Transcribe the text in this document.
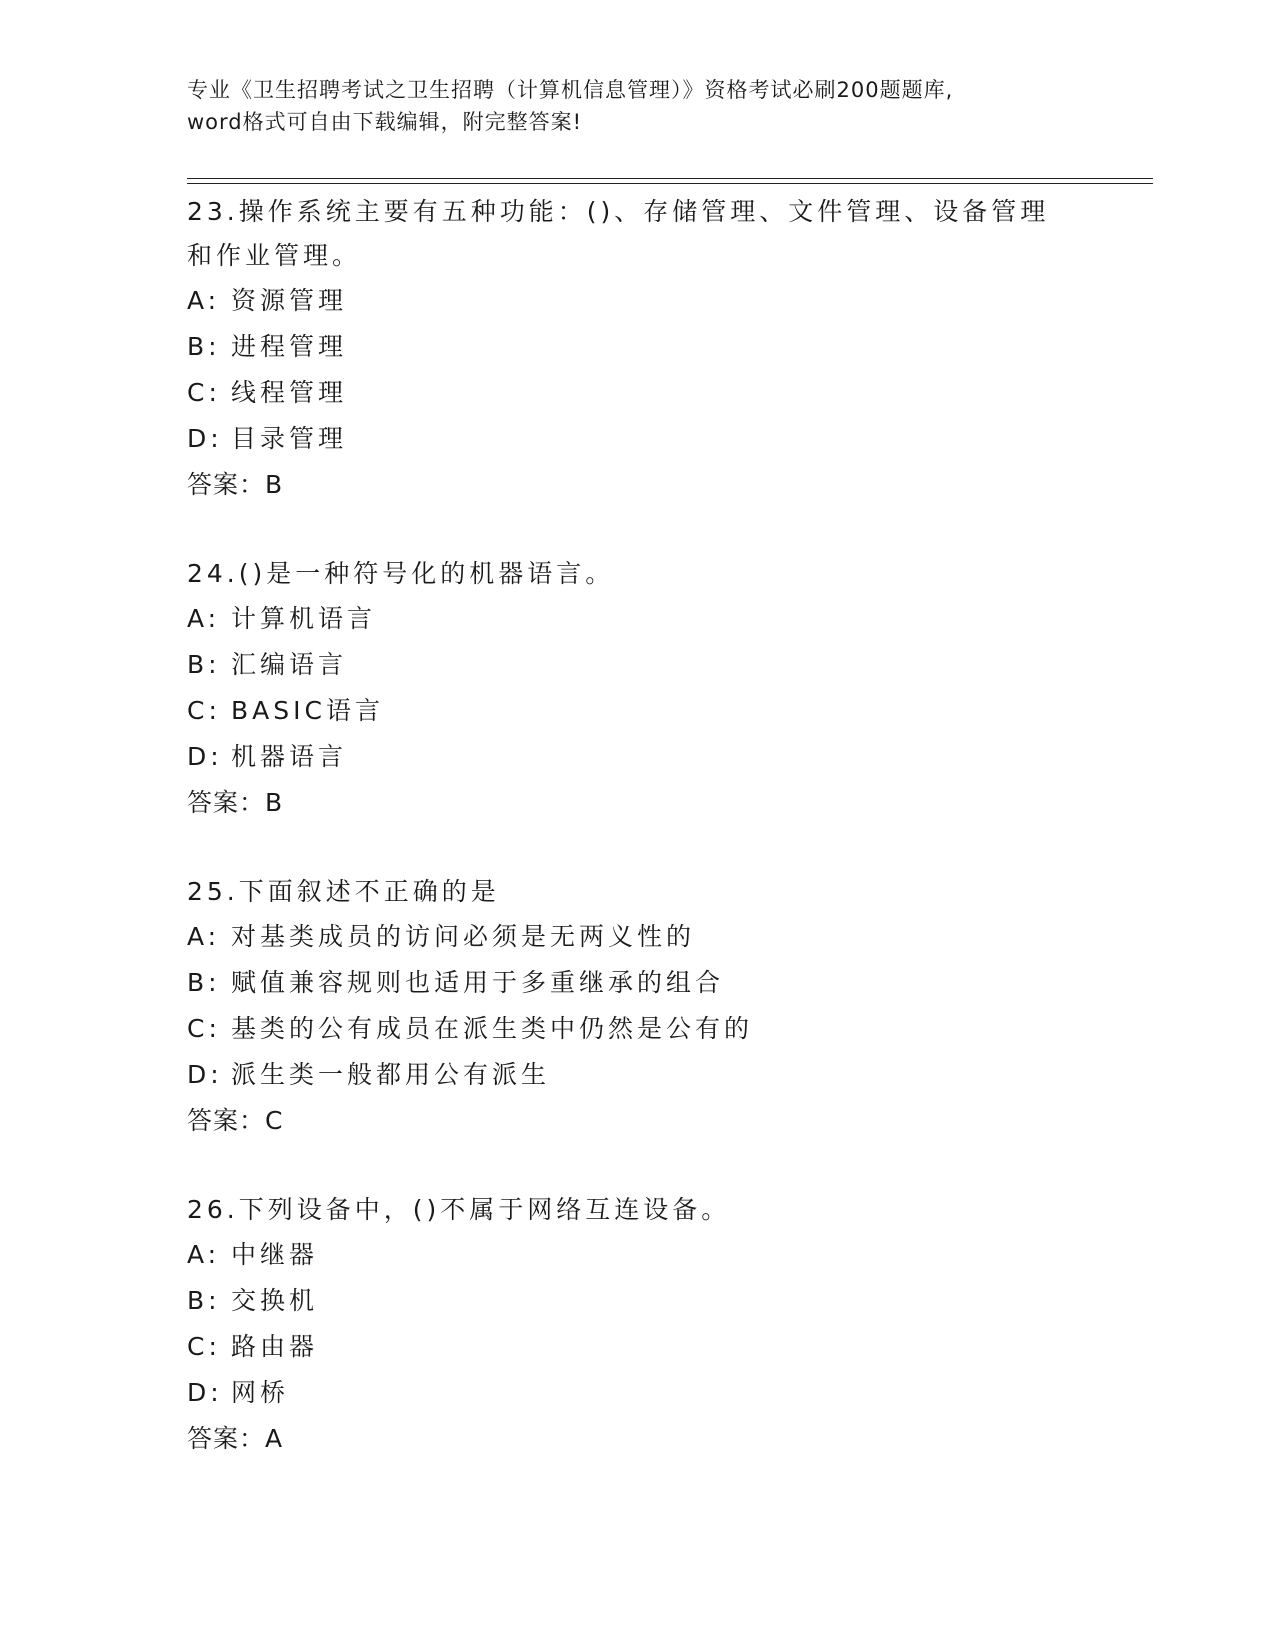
专业《卫生招聘考试之卫生招聘（计算机信息管理）》资格考试必刷200题题库,
word格式可自由下载编辑，附完整答案!

23.操作系统主要有五种功能：()、存储管理、文件管理、设备管理和作业管理。

A: 资源管理

B: 进程管理

C: 线程管理

D: 目录管理

答案：B

24.()是一种符号化的机器语言。

A: 计算机语言

B: 汇编语言

C: BASIC语言

D: 机器语言

答案：B

25.下面叙述不正确的是

A: 对基类成员的访问必须是无两义性的

B: 赋值兼容规则也适用于多重继承的组合

C: 基类的公有成员在派生类中仍然是公有的

D: 派生类一般都用公有派生

答案：C

26.下列设备中，()不属于网络互连设备。

A: 中继器

B: 交换机

C: 路由器

D: 网桥

答案：A
